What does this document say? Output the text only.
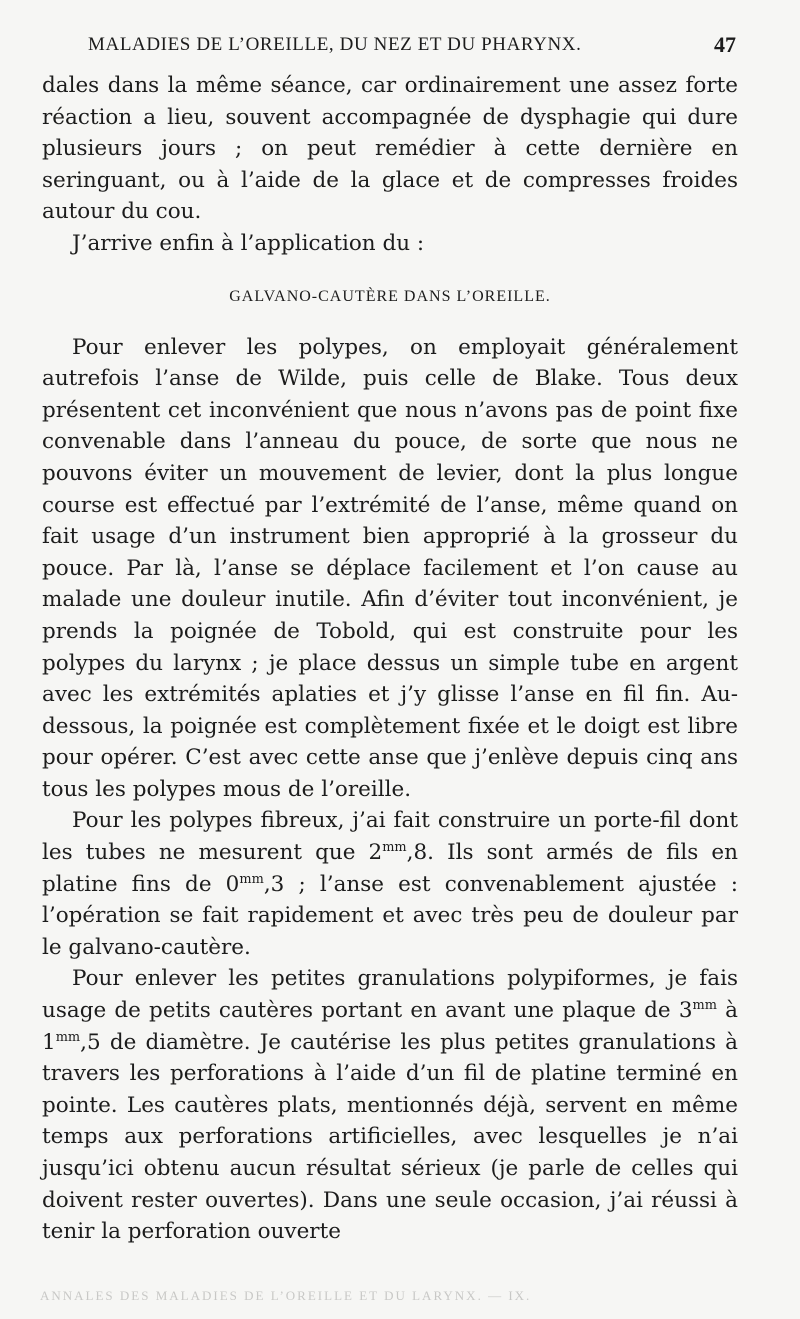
MALADIES DE L’OREILLE, DU NEZ ET DU PHARYNX.	47

dales dans la même séance, car ordinairement une assez forte réaction a lieu, souvent accompagnée de dysphagie qui dure plusieurs jours ; on peut remédier à cette dernière en seringuant, ou à l’aide de la glace et de compresses froides autour du cou.

J’arrive enfin à l’application du :

GALVANO-CAUTÈRE DANS L’OREILLE.

Pour enlever les polypes, on employait généralement autrefois l’anse de Wilde, puis celle de Blake. Tous deux présentent cet inconvénient que nous n’avons pas de point fixe convenable dans l’anneau du pouce, de sorte que nous ne pouvons éviter un mouvement de levier, dont la plus longue course est effectué par l’extrémité de l’anse, même quand on fait usage d’un instrument bien approprié à la grosseur du pouce. Par là, l’anse se déplace facilement et l’on cause au malade une douleur inutile. Afin d’éviter tout inconvénient, je prends la poignée de Tobold, qui est construite pour les polypes du larynx ; je place dessus un simple tube en argent avec les extrémités aplaties et j’y glisse l’anse en fil fin. Au-dessous, la poignée est complètement fixée et le doigt est libre pour opérer. C’est avec cette anse que j’enlève depuis cinq ans tous les polypes mous de l’oreille.

Pour les polypes fibreux, j’ai fait construire un porte-fil dont les tubes ne mesurent que $2^{mm},8$. Ils sont armés de fils en platine fins de $0^{mm},3$ ; l’anse est convenablement ajustée : l’opération se fait rapidement et avec très peu de douleur par le galvano-cautère.

Pour enlever les petites granulations polypiformes, je fais usage de petits cautères portant en avant une plaque de $3^{mm}$ à $1^{mm},5$ de diamètre. Je cautérise les plus petites granulations à travers les perforations à l’aide d’un fil de platine terminé en pointe. Les cautères plats, mentionnés déjà, servent en même temps aux perforations artificielles, avec lesquelles je n’ai jusqu’ici obtenu aucun résultat sérieux (je parle de celles qui doivent rester ouvertes). Dans une seule occasion, j’ai réussi à tenir la perforation ouverte

ANNALES DES MALADIES DE L’OREILLE ET DU LARYNX. — IX.
